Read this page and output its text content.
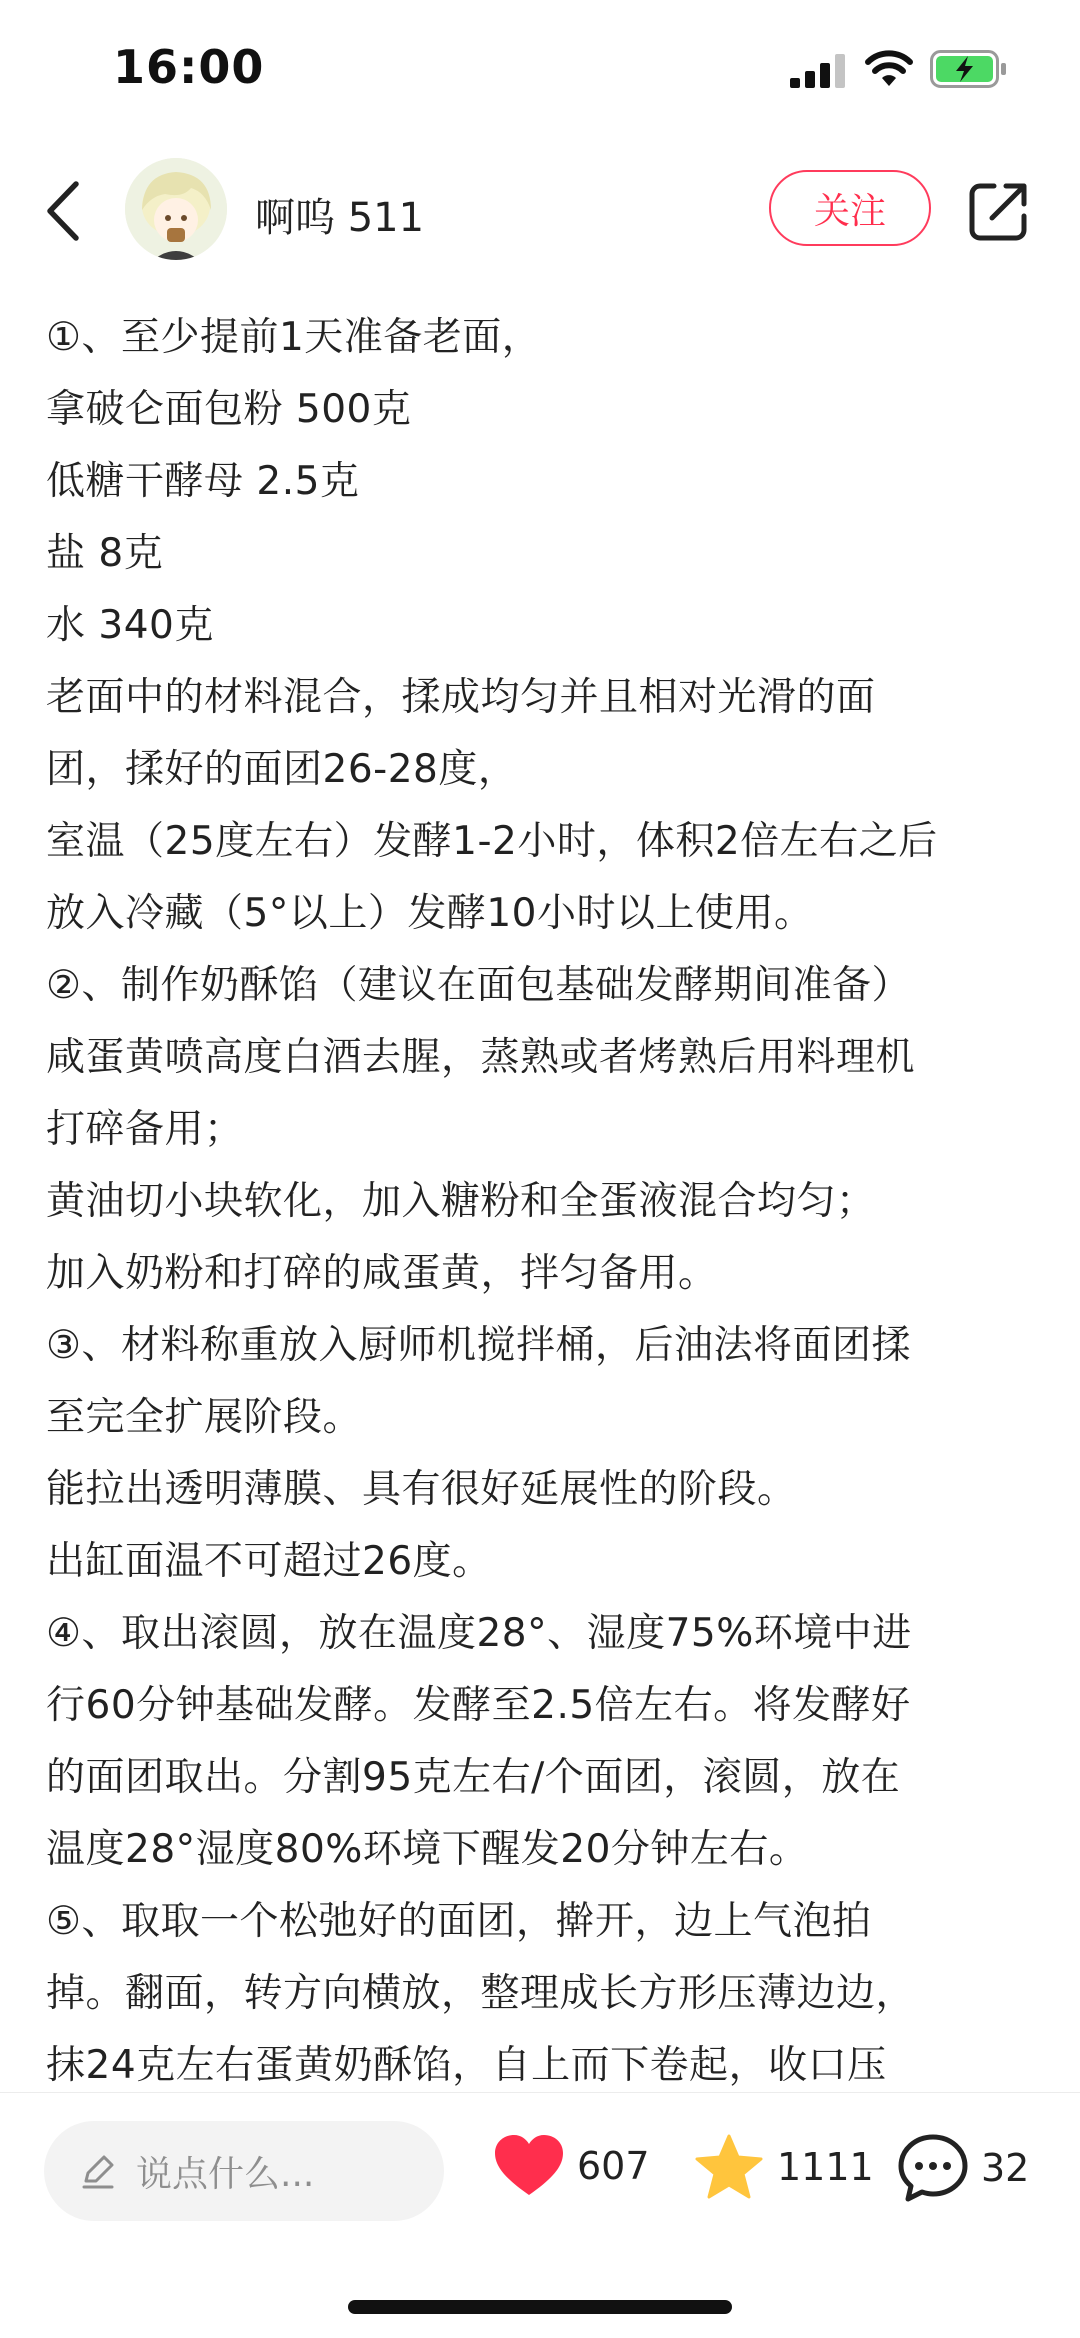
16:00
啊呜 511	关注
①、至少提前1天准备老面，
拿破仑面包粉 500克
低糖干酵母 2.5克
盐 8克
水 340克
老面中的材料混合，揉成均匀并且相对光滑的面
团，揉好的面团26-28度，
室温（25度左右）发酵1-2小时，体积2倍左右之后
放入冷藏（5°以上）发酵10小时以上使用。
②、制作奶酥馅（建议在面包基础发酵期间准备）
咸蛋黄喷高度白酒去腥，蒸熟或者烤熟后用料理机
打碎备用；
黄油切小块软化，加入糖粉和全蛋液混合均匀；
加入奶粉和打碎的咸蛋黄，拌匀备用。
③、材料称重放入厨师机搅拌桶，后油法将面团揉
至完全扩展阶段。
能拉出透明薄膜、具有很好延展性的阶段。
出缸面温不可超过26度。
④、取出滚圆，放在温度28°、湿度75%环境中进
行60分钟基础发酵。发酵至2.5倍左右。将发酵好
的面团取出。分割95克左右/个面团，滚圆，放在
温度28°湿度80%环境下醒发20分钟左右。
⑤、取取一个松弛好的面团，擀开，边上气泡拍
掉。翻面，转方向横放，整理成长方形压薄边边，
抹24克左右蛋黄奶酥馅，自上而下卷起，收口压
说点什么...	607	1111	32
